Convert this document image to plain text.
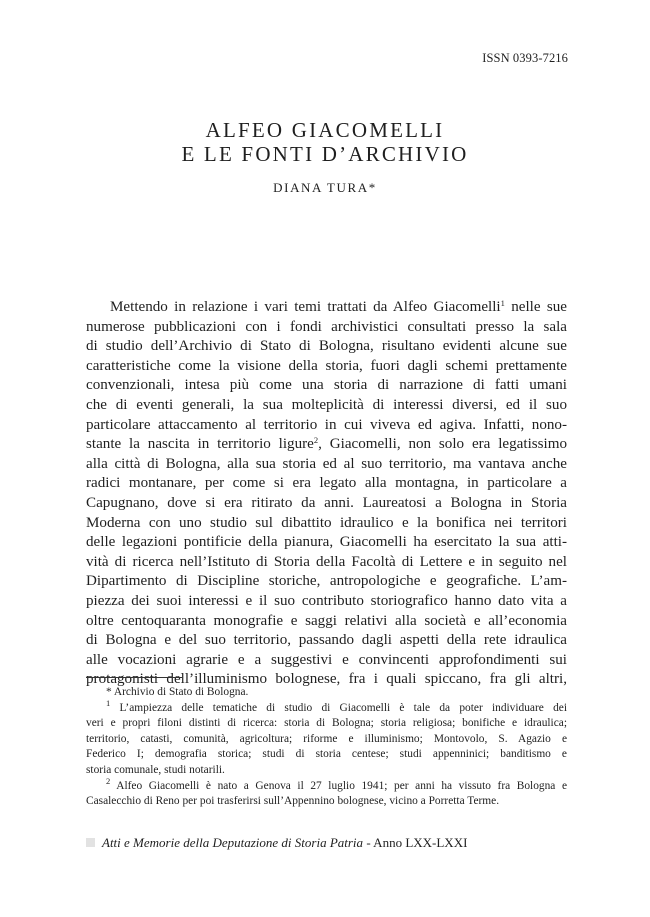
ISSN 0393-7216
ALFEO GIACOMELLI
E LE FONTI D’ARCHIVIO
DIANA TURA*
Mettendo in relazione i vari temi trattati da Alfeo Giacomelli$^1$ nelle sue
numerose pubblicazioni con i fondi archivistici consultati presso la sala
di studio dell’Archivio di Stato di Bologna, risultano evidenti alcune sue
caratteristiche come la visione della storia, fuori dagli schemi prettamente
convenzionali, intesa più come una storia di narrazione di fatti umani
che di eventi generali, la sua molteplicità di interessi diversi, ed il suo
particolare attaccamento al territorio in cui viveva ed agiva. Infatti, nono-
stante la nascita in territorio ligure$^2$, Giacomelli, non solo era legatissimo
alla città di Bologna, alla sua storia ed al suo territorio, ma vantava anche
radici montanare, per come si era legato alla montagna, in particolare a
Capugnano, dove si era ritirato da anni. Laureatosi a Bologna in Storia
Moderna con uno studio sul dibattito idraulico e la bonifica nei territori
delle legazioni pontificie della pianura, Giacomelli ha esercitato la sua atti-
vità di ricerca nell’Istituto di Storia della Facoltà di Lettere e in seguito nel
Dipartimento di Discipline storiche, antropologiche e geografiche. L’am-
piezza dei suoi interessi e il suo contributo storiografico hanno dato vita a
oltre centoquaranta monografie e saggi relativi alla società e all’economia
di Bologna e del suo territorio, passando dagli aspetti della rete idraulica
alle vocazioni agrarie e a suggestivi e convincenti approfondimenti sui
protagonisti dell’illuminismo bolognese, fra i quali spiccano, fra gli altri,
* Archivio di Stato di Bologna.
$^1$ L’ampiezza delle tematiche di studio di Giacomelli è tale da poter individuare dei
veri e propri filoni distinti di ricerca: storia di Bologna; storia religiosa; bonifiche e idraulica;
territorio, catasti, comunità, agricoltura; riforme e illuminismo; Montovolo, S. Agazio e
Federico I; demografia storica; studi di storia centese; studi appenninici; banditismo e
storia comunale, studi notarili.
$^2$ Alfeo Giacomelli è nato a Genova il 27 luglio 1941; per anni ha vissuto fra Bologna e
Casalecchio di Reno per poi trasferirsi sull’Appennino bolognese, vicino a Porretta Terme.
Atti e Memorie della Deputazione di Storia Patria - Anno LXX-LXXI
